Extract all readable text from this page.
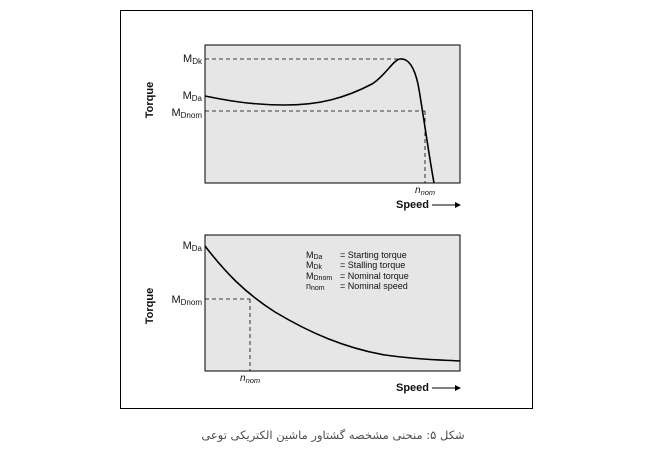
MDk
MDa
MDnom
$n_{nom}$
Torque
Speed
MDa
MDnom
$n_{nom}$
MDa = Starting torque
MDk = Stalling torque
MDnom = Nominal torque
nnom = Nominal speed
Torque
Speed
شکل ۵: منحنی مشخصه گشتاور ماشین الکتریکی توعی
